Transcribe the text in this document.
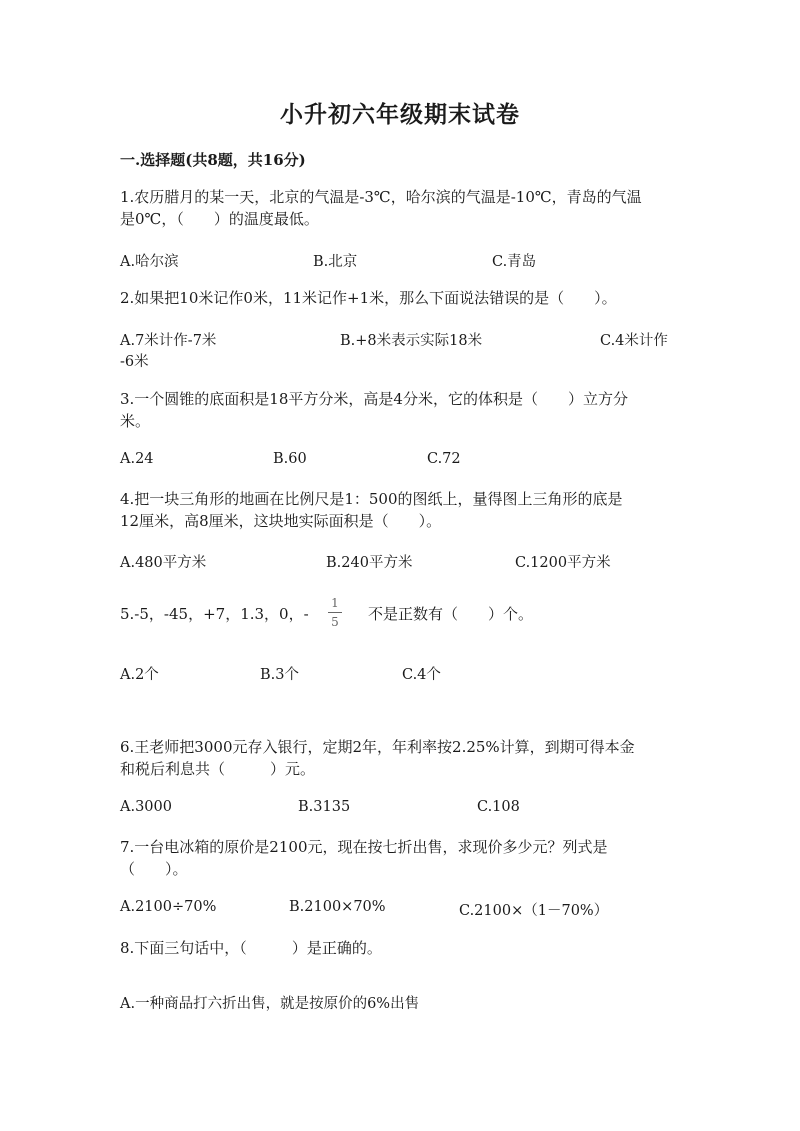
小升初六年级期末试卷
一.选择题(共8题，共16分)
1.农历腊月的某一天，北京的气温是-3℃，哈尔滨的气温是-10℃，青岛的气温
是0℃，（　　）的温度最低。
A.哈尔滨	B.北京	C.青岛
2.如果把10米记作0米，11米记作+1米，那么下面说法错误的是（　　）。
A.7米计作-7米	B.+8米表示实际18米	C.4米计作
-6米
3.一个圆锥的底面积是18平方分米，高是4分米，它的体积是（　　）立方分
米。
A.24	B.60	C.72
4.把一块三角形的地画在比例尺是1：500的图纸上，量得图上三角形的底是
12厘米，高8厘米，这块地实际面积是（　　）。
A.480平方米	B.240平方米	C.1200平方米
5.-5，-45，+7，1.3，0，-
1
5 不是正数有（　　）个。
A.2个	B.3个	C.4个
6.王老师把3000元存入银行，定期2年，年利率按2.25%计算，到期可得本金
和税后利息共（　　　）元。
A.3000	B.3135	C.108
7.一台电冰箱的原价是2100元，现在按七折出售，求现价多少元？列式是
（　　）。
A.2100÷70%	B.2100×70%	C.2100×（1－70%）
8.下面三句话中，（　　　）是正确的。
A.一种商品打六折出售，就是按原价的6%出售
